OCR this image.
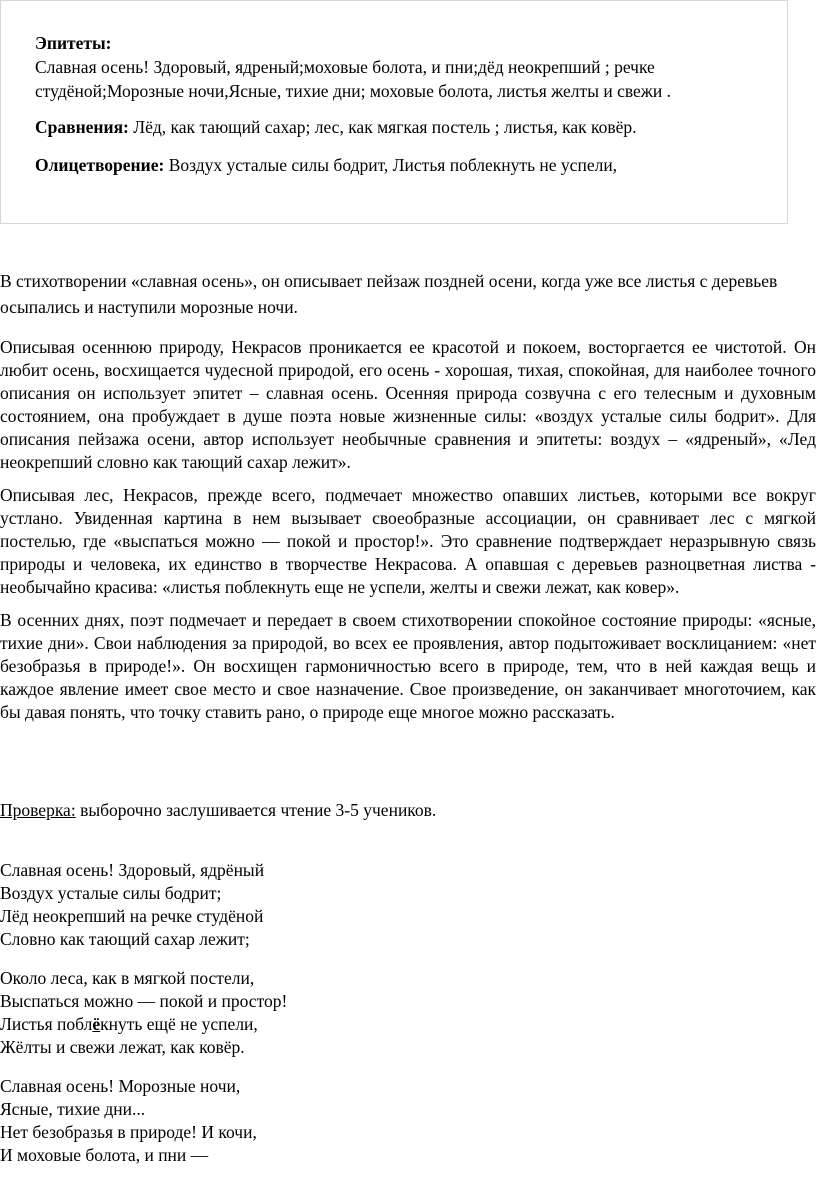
Эпитеты:

Славная осень! Здоровый, ядреный;моховые болота, и пни;дёд неокрепший ; речке студёной;Морозные ночи,Ясные, тихие дни; моховые болота, листья желты и свежи .

Сравнения: Лёд, как тающий сахар; лес, как мягкая постель ; листья, как ковёр.

Олицетворение: Воздух усталые силы бодрит, Листья поблекнуть не успели,

В стихотворении «славная осень», он описывает пейзаж поздней осени, когда уже все листья с деревьев осыпались и наступили морозные ночи.

Описывая осеннюю природу, Некрасов проникается ее красотой и покоем, восторгается ее чистотой. Он любит осень, восхищается чудесной природой, его осень - хорошая, тихая, спокойная, для наиболее точного описания он использует эпитет – славная осень. Осенняя природа созвучна с его телесным и духовным состоянием, она пробуждает в душе поэта новые жизненные силы: «воздух усталые силы бодрит». Для описания пейзажа осени, автор использует необычные сравнения и эпитеты: воздух – «ядреный», «Лед неокрепший словно как тающий сахар лежит».

Описывая лес, Некрасов, прежде всего, подмечает множество опавших листьев, которыми все вокруг устлано. Увиденная картина в нем вызывает своеобразные ассоциации, он сравнивает лес с мягкой постелью, где «выспаться можно — покой и простор!». Это сравнение подтверждает неразрывную связь природы и человека, их единство в творчестве Некрасова. А опавшая с деревьев разноцветная листва - необычайно красива: «листья поблекнуть еще не успели, желты и свежи лежат, как ковер».

В осенних днях, поэт подмечает и передает в своем стихотворении спокойное состояние природы: «ясные, тихие дни». Свои наблюдения за природой, во всех ее проявления, автор подытоживает восклицанием: «нет безобразья в природе!». Он восхищен гармоничностью всего в природе, тем, что в ней каждая вещь и каждое явление имеет свое место и свое назначение. Свое произведение, он заканчивает многоточием, как бы давая понять, что точку ставить рано, о природе еще многое можно рассказать.

Проверка: выборочно заслушивается чтение 3-5 учеников.

Славная осень! Здоровый, ядрёный
Воздух усталые силы бодрит;
Лёд неокрепший на речке студёной
Словно как тающий сахар лежит;
Около леса, как в мягкой постели,
Выспаться можно — покой и простор!
Листья поблёкнуть ещё не успели,
Жёлты и свежи лежат, как ковёр.
Славная осень! Морозные ночи,
Ясные, тихие дни...
Нет безобразья в природе! И кочи,
И моховые болота, и пни —
